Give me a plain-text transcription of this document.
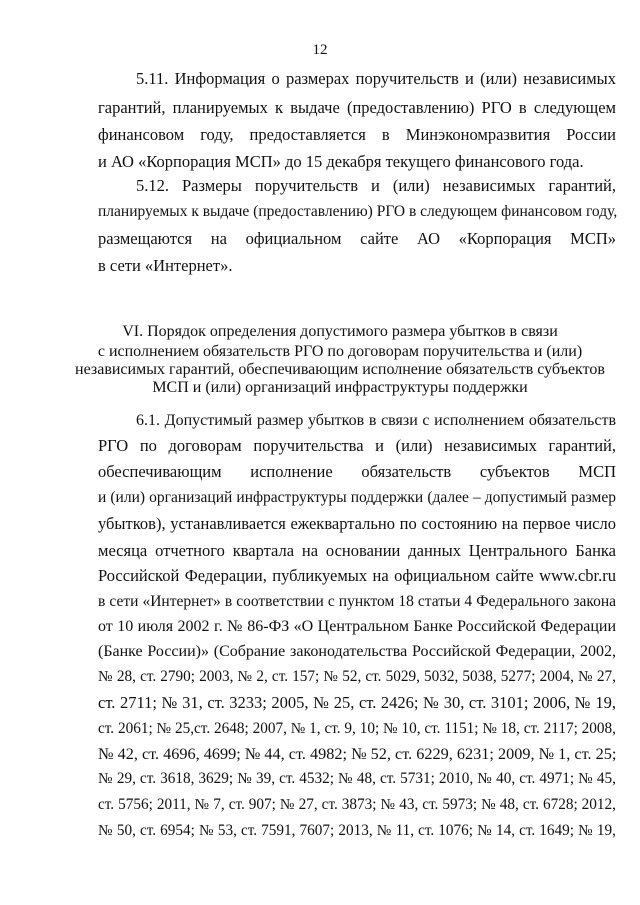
12
5.11. Информация о размерах поручительств и (или) независимых
гарантий, планируемых к выдаче (предоставлению) РГО в следующем
финансовом году, предоставляется в Минэкономразвития России
и АО «Корпорация МСП» до 15 декабря текущего финансового года.
5.12. Размеры поручительств и (или) независимых гарантий,
планируемых к выдаче (предоставлению) РГО в следующем финансовом году,
размещаются на официальном сайте АО «Корпорация МСП»
в сети «Интернет».
VI. Порядок определения допустимого размера убытков в связи
с исполнением обязательств РГО по договорам поручительства и (или)
независимых гарантий, обеспечивающим исполнение обязательств субъектов
МСП и (или) организаций инфраструктуры поддержки
6.1. Допустимый размер убытков в связи с исполнением обязательств
РГО по договорам поручительства и (или) независимых гарантий,
обеспечивающим исполнение обязательств субъектов МСП
и (или) организаций инфраструктуры поддержки (далее – допустимый размер
убытков), устанавливается ежеквартально по состоянию на первое число
месяца отчетного квартала на основании данных Центрального Банка
Российской Федерации, публикуемых на официальном сайте www.cbr.ru
в сети «Интернет» в соответствии с пунктом 18 статьи 4 Федерального закона
от 10 июля 2002 г. № 86-ФЗ «О Центральном Банке Российской Федерации
(Банке России)» (Собрание законодательства Российской Федерации, 2002,
№ 28, ст. 2790; 2003, № 2, ст. 157; № 52, ст. 5029, 5032, 5038, 5277; 2004, № 27,
ст. 2711; № 31, ст. 3233; 2005, № 25, ст. 2426; № 30, ст. 3101; 2006, № 19,
ст. 2061; № 25,ст. 2648; 2007, № 1, ст. 9, 10; № 10, ст. 1151; № 18, ст. 2117; 2008,
№ 42, ст. 4696, 4699; № 44, ст. 4982; № 52, ст. 6229, 6231; 2009, № 1, ст. 25;
№ 29, ст. 3618, 3629; № 39, ст. 4532; № 48, ст. 5731; 2010, № 40, ст. 4971; № 45,
ст. 5756; 2011, № 7, ст. 907; № 27, ст. 3873; № 43, ст. 5973; № 48, ст. 6728; 2012,
№ 50, ст. 6954; № 53, ст. 7591, 7607; 2013, № 11, ст. 1076; № 14, ст. 1649; № 19,
